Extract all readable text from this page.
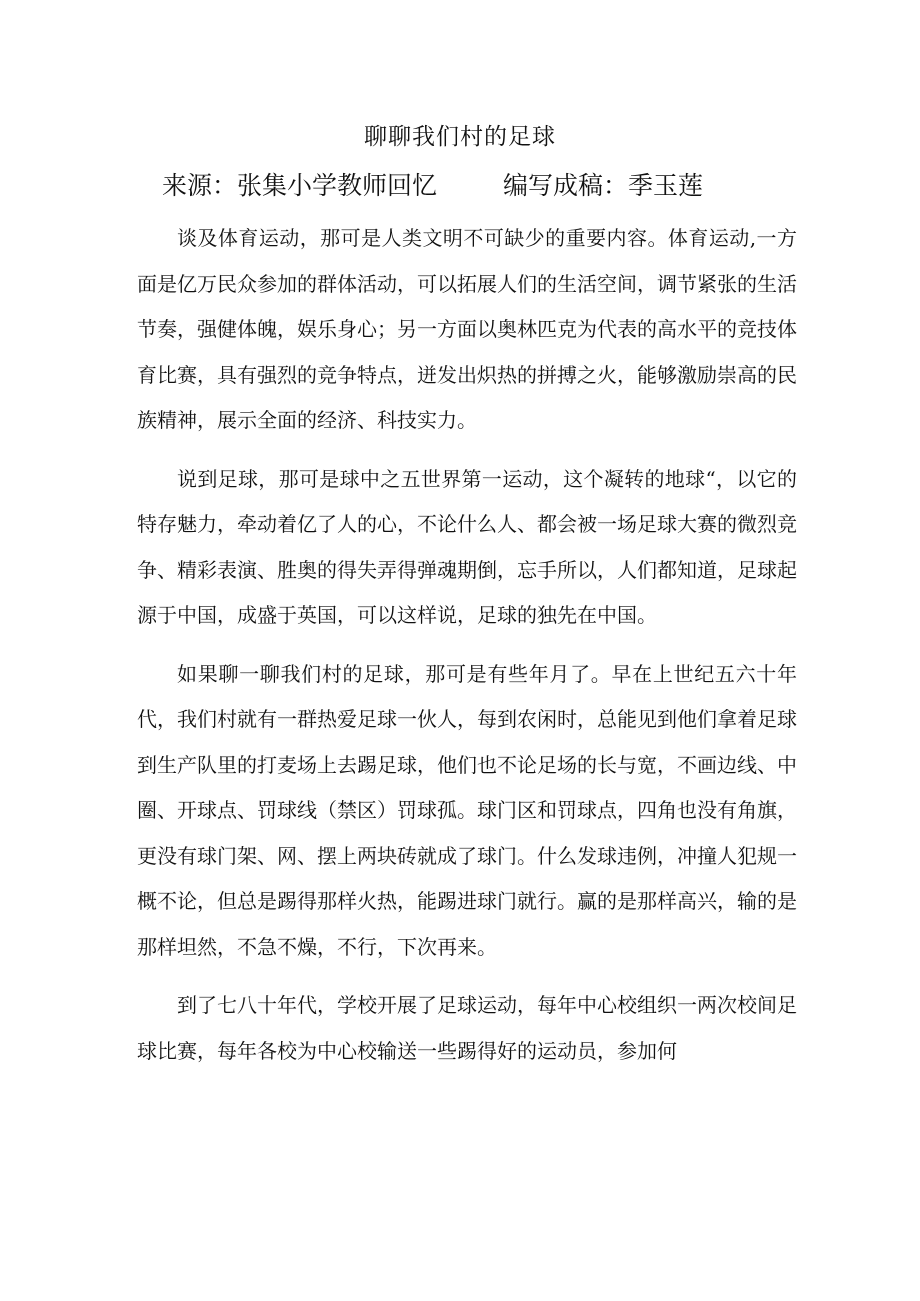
聊聊我们村的足球
来源：张集小学教师回忆	编写成稿：季玉莲

谈及体育运动，那可是人类文明不可缺少的重要内容。体育运动,一方面是亿万民众参加的群体活动，可以拓展人们的生活空间，调节紧张的生活节奏，强健体魄，娱乐身心；另一方面以奥林匹克为代表的高水平的竞技体育比赛，具有强烈的竞争特点，迸发出炽热的拼搏之火，能够激励崇高的民族精神，展示全面的经济、科技实力。

说到足球，那可是球中之五世界第一运动，这个凝转的地球“，以它的特存魅力，牵动着亿了人的心，不论什么人、都会被一场足球大赛的微烈竞争、精彩表演、胜奥的得失弄得弹魂期倒，忘手所以，人们都知道，足球起源于中国，成盛于英国，可以这样说，足球的独先在中国。

如果聊一聊我们村的足球，那可是有些年月了。早在上世纪五六十年代，我们村就有一群热爱足球一伙人，每到农闲时，总能见到他们拿着足球到生产队里的打麦场上去踢足球，他们也不论足场的长与宽，不画边线、中圈、开球点、罚球线（禁区）罚球孤。球门区和罚球点，四角也没有角旗，更没有球门架、网、摆上两块砖就成了球门。什么发球违例，冲撞人犯规一概不论，但总是踢得那样火热，能踢进球门就行。赢的是那样高兴，输的是那样坦然，不急不燥，不行，下次再来。

到了七八十年代，学校开展了足球运动，每年中心校组织一两次校间足球比赛，每年各校为中心校输送一些踢得好的运动员，参加何
